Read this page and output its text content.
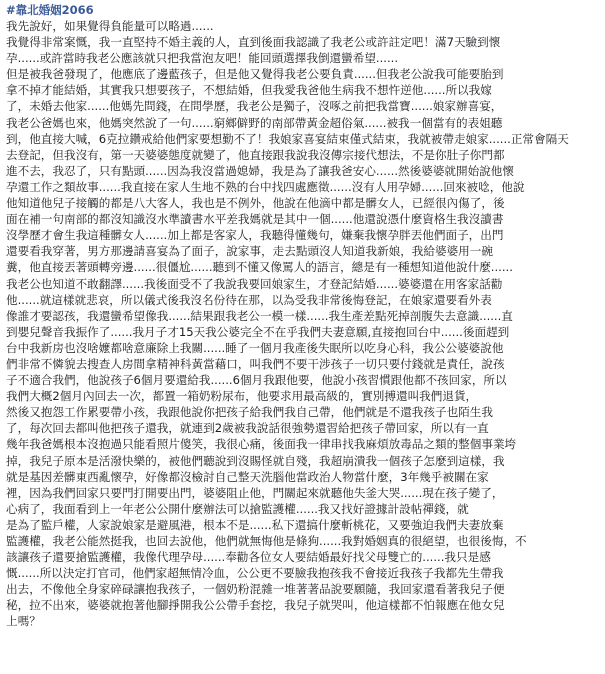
#靠北婚姻2066
我先說好，如果覺得負能量可以略過......
我覺得非常案慨，我一直堅持不婚主義的人，直到後面我認識了我老公或許註定吧！滿7天驗到懷
孕......或許當時我老公應該就只把我當泡友吧！能回頭選擇我倒還蠻希望......
但是被我爸發現了，他應底了邊藍孩子，但是他又覺得我老公要負責......但我老公說我可能要胎到
拿不掉才能結婚，其實我只想要孩子，不想結婚，但我愛我爸他生病我不想忤逆他......所以我嫁
了，未婚去他家......他媽先問錢，在問學歷，我老公是獨子，沒啄之前把我當寶......娘家辦喜宴，
我老公爸媽也來，他媽突然說了一句......窮鄉僻野的南部帶黃金超俗氣......被我一個當有的表姐聽
到，他直接大喊，6克拉鑽戒給他們家要想勤不了！我娘家喜宴結束僅式結束，我就被帶走娘家......正常會隔天
去登記，但我沒有，第一天婆婆態度就變了，他直接跟我說我沒傳宗接代想法，不是你肚子你門都
進不去，我忍了，只有點頭......因為我沒當過媳婦，我是為了讓我爸安心......然後婆婆就開始說他懷
孕還工作之類故事......我直接在家人生地不熟的台中找四處應徵......沒有人用孕婦......回來被唸，他說
他知道他兒子接觸的都是八大客人，我也是不例外，他說在他滴中都是髒女人，已經很內傷了，後
面在補一句南部的都沒知識沒水準讀書水平差我媽就是其中一個......他還說憑什麼資格生我沒讀書
沒學歷才會生我這種髒女人......加上都是客家人，我聽得懂幾句，嫌棄我懷孕胖丟他們面子，出門
還要看我穿著，男方那邊請喜宴為了面子，說家事，走去點頭沒人知道我新娘，我給婆婆用一碗
糞，他直接丟著頭轉旁邊......很僵尬......聽到不懂又像罵人的語言，總是有一種想知道他說什麼......
我老公也知道不敢翻譯......我後面受不了我說我要回娘家生，才登記結婚......婆婆還在用客家話勸
他......就這樣就悲哀，所以儀式後我沒名份待在那，以為受我非常後悔登記，在娘家還要看外表
像誰才要認孩，我還蠻希望像我......結果跟我老公一模一樣......我生產差點死掉剖腹失去意識......直
到嬰兒聲音我振作了......我月子才15天我公婆完全不在乎我們夫妻意願,直接抱回台中......後面趕到
台中我新房也沒啥嬤都啥意廉除上我關......睡了一個月我產後失眠所以吃身心科，我公公婆婆說他
們非常不憐貌去搜查人房間拿精神科黃當藉口，叫我們不要干涉孩子一切只要付錢就是責任，說孩
子不適合我們，他說孩子6個月要還給我......6個月我跟他要，他說小孩習慣跟他都不孩回家，所以
我們大概2個月內回去一次，都置一箱奶粉尿布，他要求用最高級的，實別搏還叫我們退貨，
然後又抱怨工作累要帶小孩，我跟他說你把孩子給我們我自己帶，他們就是不還我孩子也陌生我
了，每次回去都叫他把孩子還我，就連到2歲被我說話很強勢還習給把孩子帶回家，所以有一直
幾年我爸媽根本沒抱過只能看照片傻笑，我很心痛，後面我一律串找我麻煩放毒品之類的整個事業垮
掉，我兒子原本是活潑快樂的，被他們聽說到沒賜怪就自殘，我超崩潰我一個孩子怎麼到這樣，我
就是基因差髒東西亂懷孕，好像都沒檢討自己整天洗腦他當政治人物當什麼，3年幾乎被關在家
裡，因為我們回家只要門打開要出門，婆婆阻止他，門關起來就聽他失釜大哭......現在孩子變了，
心病了，我面看到上一年老公公開什麼辦法可以搶監護權......我又找好證據計設帖禪錢，就
是為了監戶權，人家說娘家是避風港，根本不是......私下還搞什麼斬桃花，又要強迫我們夫妻放棄
監護權，我老公能然挺我，也回去說他，他們就無悔他是條狗......我對婚姻真的很絕望，也很後悔，不
該讓孩子還要搶監護權，我像代理孕母......奉勸各位女人要結婚最好找父母雙亡的......我只是感
慨......所以決定打官司，他們家超無情冷血，公公更不要臉我抱孩我不會接近我孩子我都先生帶我
出去，不像他全身家碎碌讓抱我孩子，一個奶粉混雜一堆著著品說要願隨，我回家還看著我兒子便
秘，拉不出來，婆婆就抱著他腳掙開我公公帶手套挖，我兒子就哭叫，他這樣都不怕報應在他女兒
上嗎？
